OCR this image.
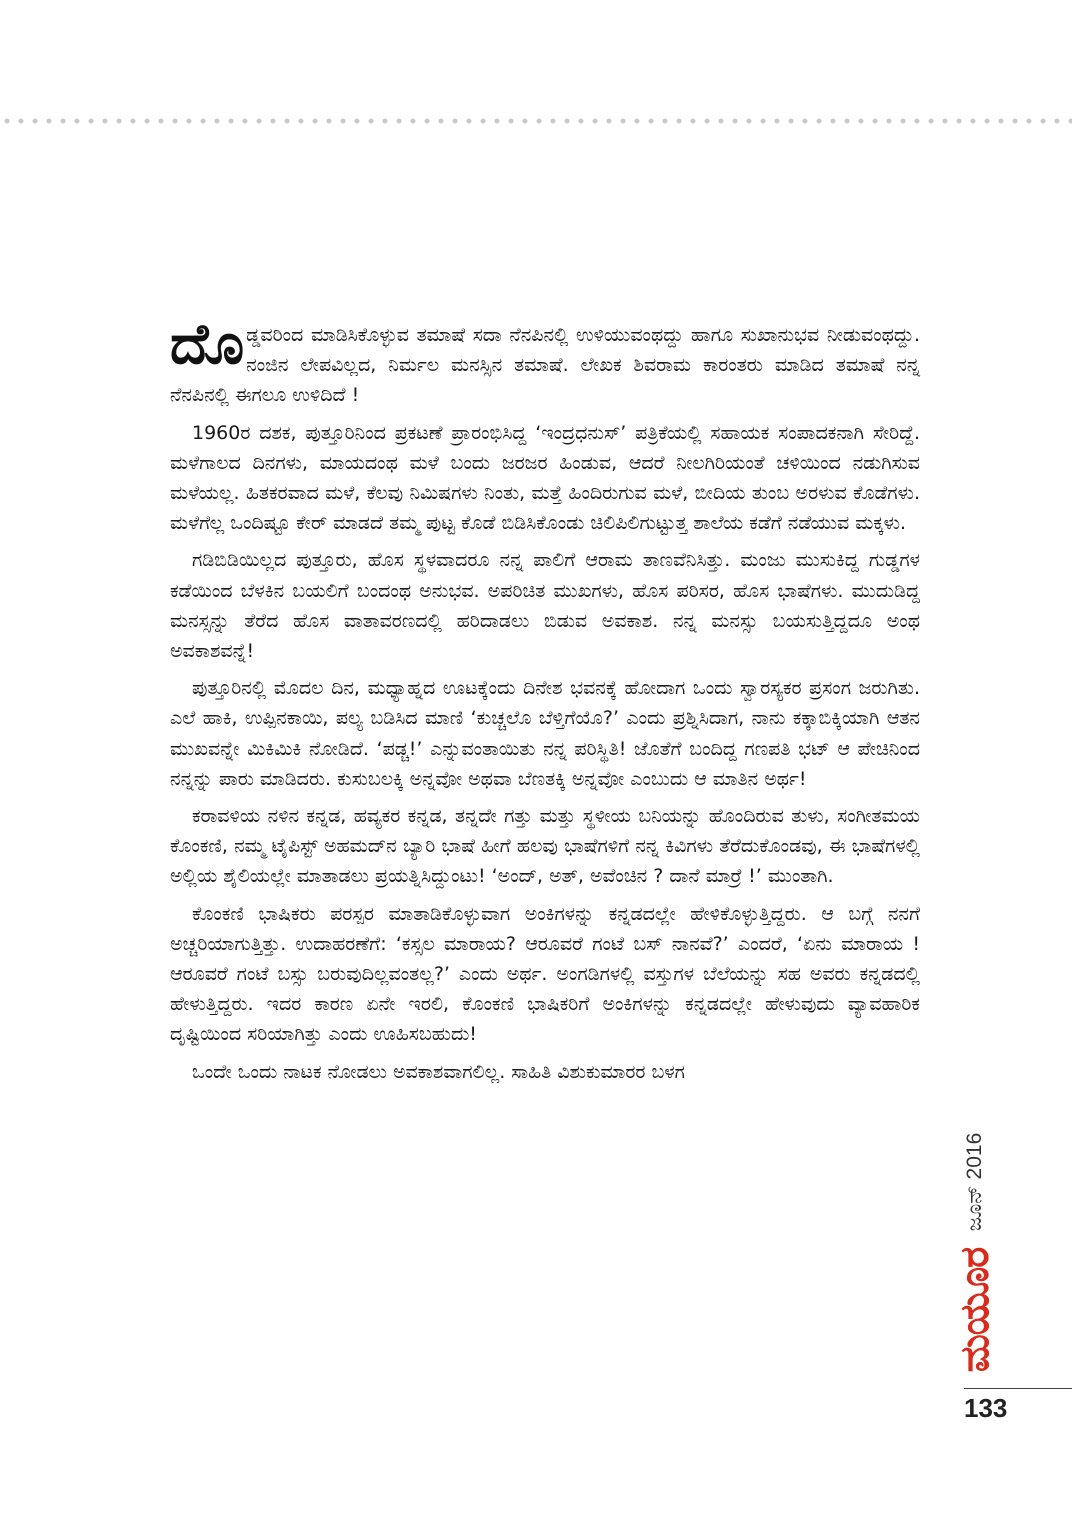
ದೊಡ್ಡವರಿಂದ ಮಾಡಿಸಿಕೊಳ್ಳುವ ತಮಾಷೆ ಸದಾ ನೆನಪಿನಲ್ಲಿ ಉಳಿಯುವಂಥದ್ದು ಹಾಗೂ ಸುಖಾನುಭವ ನೀಡುವಂಥದ್ದು. ನಂಜಿನ ಲೇಪವಿಲ್ಲದ, ನಿರ್ಮಲ ಮನಸ್ಸಿನ ತಮಾಷೆ. ಲೇಖಕ ಶಿವರಾಮ ಕಾರಂತರು ಮಾಡಿದ ತಮಾಷೆ ನನ್ನ ನೆನಪಿನಲ್ಲಿ ಈಗಲೂ ಉಳಿದಿದೆ !

1960ರ ದಶಕ, ಪುತ್ತೂರಿನಿಂದ ಪ್ರಕಟಣೆ ಪ್ರಾರಂಭಿಸಿದ್ದ ‘ಇಂದ್ರಧನುಸ್’ ಪತ್ರಿಕೆಯಲ್ಲಿ ಸಹಾಯಕ ಸಂಪಾದಕನಾಗಿ ಸೇರಿದ್ದೆ. ಮಳೆಗಾಲದ ದಿನಗಳು, ಮಾಯದಂಥ ಮಳೆ ಬಂದು ಜರಜರ ಹಿಂಡುವ, ಆದರೆ ನೀಲಗಿರಿಯಂತೆ ಚಳಿಯಿಂದ ನಡುಗಿಸುವ ಮಳೆಯಲ್ಲ. ಹಿತಕರವಾದ ಮಳೆ, ಕೆಲವು ನಿಮಿಷಗಳು ನಿಂತು, ಮತ್ತೆ ಹಿಂದಿರುಗುವ ಮಳೆ, ಬೀದಿಯ ತುಂಬ ಅರಳುವ ಕೊಡೆಗಳು. ಮಳೆಗೆಲ್ಲ ಒಂದಿಷ್ಟೂ ಕೇರ್ ಮಾಡದೆ ತಮ್ಮ ಪುಟ್ಟ ಕೊಡೆ ಬಿಡಿಸಿಕೊಂಡು ಚಿಲಿಪಿಲಿಗುಟ್ಟುತ್ತ ಶಾಲೆಯ ಕಡೆಗೆ ನಡೆಯುವ ಮಕ್ಕಳು.

ಗಡಿಬಿಡಿಯಿಲ್ಲದ ಪುತ್ತೂರು, ಹೊಸ ಸ್ಥಳವಾದರೂ ನನ್ನ ಪಾಲಿಗೆ ಆರಾಮ ತಾಣವೆನಿಸಿತ್ತು. ಮಂಜು ಮುಸುಕಿದ್ದ ಗುಡ್ಡಗಳ ಕಡೆಯಿಂದ ಬೆಳಕಿನ ಬಯಲಿಗೆ ಬಂದಂಥ ಅನುಭವ. ಅಪರಿಚಿತ ಮುಖಗಳು, ಹೊಸ ಪರಿಸರ, ಹೊಸ ಭಾಷೆಗಳು. ಮುದುಡಿದ್ದ ಮನಸ್ಸನ್ನು ತೆರೆದ ಹೊಸ ವಾತಾವರಣದಲ್ಲಿ ಹರಿದಾಡಲು ಬಿಡುವ ಅವಕಾಶ. ನನ್ನ ಮನಸ್ಸು ಬಯಸುತ್ತಿದ್ದದೂ ಅಂಥ ಅವಕಾಶವನ್ನೆ!

ಪುತ್ತೂರಿನಲ್ಲಿ ಮೊದಲ ದಿನ, ಮಧ್ಯಾಹ್ನದ ಊಟಕ್ಕೆಂದು ದಿನೇಶ ಭವನಕ್ಕೆ ಹೋದಾಗ ಒಂದು ಸ್ವಾರಸ್ಯಕರ ಪ್ರಸಂಗ ಜರುಗಿತು. ಎಲೆ ಹಾಕಿ, ಉಪ್ಪಿನಕಾಯಿ, ಪಲ್ಯ ಬಡಿಸಿದ ಮಾಣಿ ‘ಕುಚ್ಚಲೊ ಬೆಳ್ತಿಗೆಯೊ?’ ಎಂದು ಪ್ರಶ್ನಿಸಿದಾಗ, ನಾನು ಕಕ್ಕಾಬಿಕ್ಕಿಯಾಗಿ ಆತನ ಮುಖವನ್ನೇ ಮಿಕಿಮಿಕಿ ನೋಡಿದೆ. ‘ಪಡ್ಚ!’ ಎನ್ನುವಂತಾಯಿತು ನನ್ನ ಪರಿಸ್ಥಿತಿ! ಜೊತೆಗೆ ಬಂದಿದ್ದ ಗಣಪತಿ ಭಟ್ ಆ ಪೇಚಿನಿಂದ ನನ್ನನ್ನು ಪಾರು ಮಾಡಿದರು. ಕುಸುಬಲಕ್ಕಿ ಅನ್ನವೋ ಅಥವಾ ಬೆಣತಕ್ಕಿ ಅನ್ನವೋ ಎಂಬುದು ಆ ಮಾತಿನ ಅರ್ಥ!

ಕರಾವಳಿಯ ನಳಿನ ಕನ್ನಡ, ಹವ್ಯಕರ ಕನ್ನಡ, ತನ್ನದೇ ಗತ್ತು ಮತ್ತು ಸ್ಥಳೀಯ ಬನಿಯನ್ನು ಹೊಂದಿರುವ ತುಳು, ಸಂಗೀತಮಯ ಕೊಂಕಣಿ, ನಮ್ಮ ಟೈಪಿಸ್ಟ್ ಅಹಮದ್‌ನ ಬ್ಯಾರಿ ಭಾಷೆ ಹೀಗೆ ಹಲವು ಭಾಷೆಗಳಿಗೆ ನನ್ನ ಕಿವಿಗಳು ತೆರೆದುಕೊಂಡವು, ಈ ಭಾಷೆಗಳಲ್ಲಿ ಅಲ್ಲಿಯ ಶೈಲಿಯಲ್ಲೇ ಮಾತಾಡಲು ಪ್ರಯತ್ನಿಸಿದ್ದುಂಟು! ‘ಅಂದ್, ಅತ್, ಅವೆಂಚಿನ ? ದಾನೆ ಮಾರ್‍ರೆ !’ ಮುಂತಾಗಿ.

ಕೊಂಕಣಿ ಭಾಷಿಕರು ಪರಸ್ಪರ ಮಾತಾಡಿಕೊಳ್ಳುವಾಗ ಅಂಕಿಗಳನ್ನು ಕನ್ನಡದಲ್ಲೇ ಹೇಳಿಕೊಳ್ಳುತ್ತಿದ್ದರು. ಆ ಬಗ್ಗೆ ನನಗೆ ಅಚ್ಚರಿಯಾಗುತ್ತಿತ್ತು. ಉದಾಹರಣೆಗೆ: ‘ಕಸ್ಸಲ ಮಾರಾಯ? ಆರೂವರೆ ಗಂಟೆ ಬಸ್ ನಾನವೆ?’ ಎಂದರೆ, ‘ಏನು ಮಾರಾಯ ! ಆರೂವರೆ ಗಂಟೆ ಬಸ್ಸು ಬರುವುದಿಲ್ಲವಂತಲ್ಲ?’ ಎಂದು ಅರ್ಥ. ಅಂಗಡಿಗಳಲ್ಲಿ ವಸ್ತುಗಳ ಬೆಲೆಯನ್ನು ಸಹ ಅವರು ಕನ್ನಡದಲ್ಲಿ ಹೇಳುತ್ತಿದ್ದರು. ಇದರ ಕಾರಣ ಏನೇ ಇರಲಿ, ಕೊಂಕಣಿ ಭಾಷಿಕರಿಗೆ ಅಂಕಿಗಳನ್ನು ಕನ್ನಡದಲ್ಲೇ ಹೇಳುವುದು ವ್ಯಾವಹಾರಿಕ ದೃಷ್ಟಿಯಿಂದ ಸರಿಯಾಗಿತ್ತು ಎಂದು ಊಹಿಸಬಹುದು!

ಒಂದೇ ಒಂದು ನಾಟಕ ನೋಡಲು ಅವಕಾಶವಾಗಲಿಲ್ಲ. ಸಾಹಿತಿ ವಿಶುಕುಮಾರರ ಬಳಗ

ಜೂನ್ 2016
ಮಯೂರ
133
